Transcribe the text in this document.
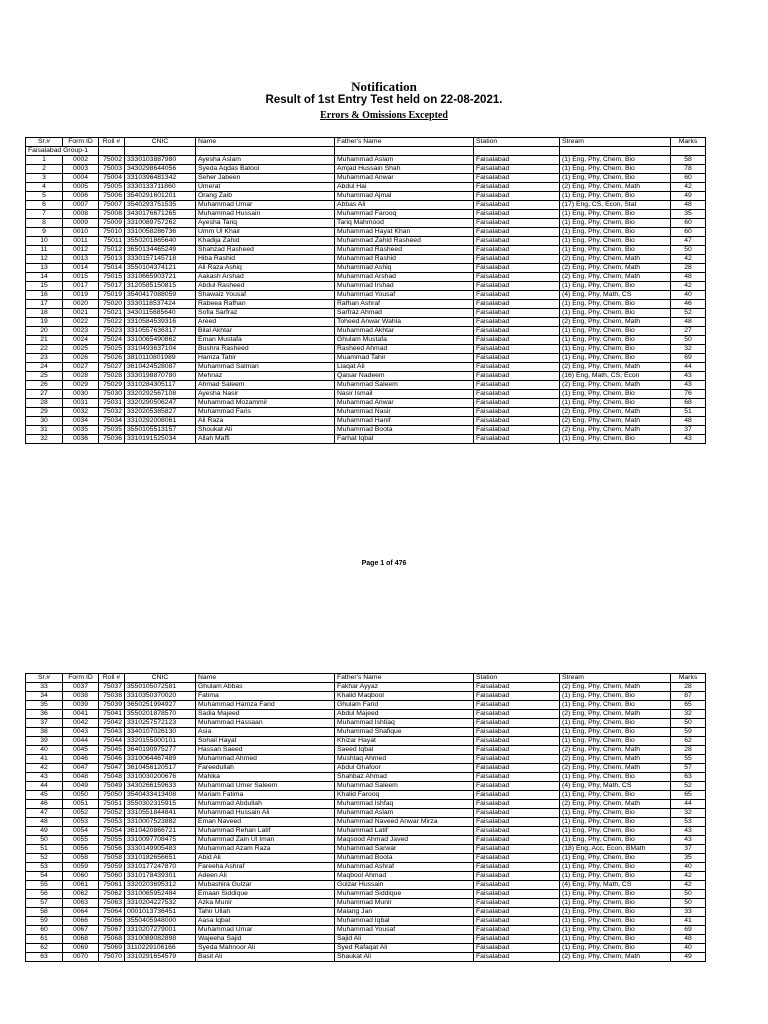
Notification
Result of 1st Entry Test held on 22-08-2021.
Errors & Omissions Excepted
Sr.#	Form ID	Roll #	CNIC	Name	Father's Name	Station	Stream	Marks
Faisalabad Group-1								
1	0002	75002	3330103887980	Ayesha Aslam	Muhammad Aslam	Faisalabad	(1) Eng, Phy, Chem, Bio	58
2	0003	75003	3430298644056	Syeda Aqdas Batool	Amjad Hussain Shah	Faisalabad	(1) Eng, Phy, Chem, Bio	78
3	0004	75004	3310396481342	Seher Jabeen	Muhammad Anwar	Faisalabad	(1) Eng, Phy, Chem, Bio	60
4	0005	75005	3330133711860	Umerat	Abdul Hai	Faisalabad	(2) Eng, Phy, Chem, Math	42
5	0006	75006	3540291601201	Orang Zaib	Muhammad Ajmal	Faisalabad	(1) Eng, Phy, Chem, Bio	49
6	0007	75007	3540293751535	Muhammad Umar	Abbas Ali	Faisalabad	(17) Eng, CS, Econ, Stat	48
7	0008	75008	3430176671265	Muhammad Hussain	Muhammad Farooq	Faisalabad	(1) Eng, Phy, Chem, Bio	35
8	0009	75009	3310089757262	Ayesha Tariq	Tariq Mahmood	Faisalabad	(1) Eng, Phy, Chem, Bio	60
9	0010	75010	3310058286736	Umm Ul Khair	Muhammad Hayat Khan	Faisalabad	(1) Eng, Phy, Chem, Bio	60
10	0011	75011	3550201865640	Khadija Zahid	Muhammad Zahid Rasheed	Faisalabad	(1) Eng, Phy, Chem, Bio	47
11	0012	75012	3650134465249	Shahzad Rasheed	Muhammad Rasheed	Faisalabad	(1) Eng, Phy, Chem, Bio	50
12	0013	75013	3330157145718	Hiba Rashid	Muhammad Rashid	Faisalabad	(2) Eng, Phy, Chem, Math	42
13	0014	75014	3550104374121	Ali Raza Ashiq	Muhammad Ashiq	Faisalabad	(2) Eng, Phy, Chem, Math	28
14	0015	75015	3310665903721	Aakash Arshad	Muhammad Arshad	Faisalabad	(2) Eng, Phy, Chem, Math	48
15	0017	75017	3120585150815	Abdul Rasheed	Muhammad Irshad	Faisalabad	(1) Eng, Phy, Chem, Bio	42
16	0019	75019	3540417088059	Shawaiz Yousaf	Muhammad Yousaf	Faisalabad	(4) Eng, Phy, Math, CS	40
17	0020	75020	3330118537424	Rabeea Rafhan	Rafhan Ashraf	Faisalabad	(1) Eng, Phy, Chem, Bio	46
18	0021	75021	3430115685640	Sofia Sarfraz	Sarfraz Ahmad	Faisalabad	(1) Eng, Phy, Chem, Bio	52
19	0022	75022	3310584539316	Areed	Toheed Anwar Wahla	Faisalabad	(2) Eng, Phy, Chem, Math	48
20	0023	75023	3310557636317	Bilal Akhtar	Muhammad Akhtar	Faisalabad	(1) Eng, Phy, Chem, Bio	27
21	0024	75024	3310065490862	Eman Mustafa	Ghulam Mustafa	Faisalabad	(1) Eng, Phy, Chem, Bio	50
22	0025	75025	3310493637104	Bushra Rasheed	Rasheed Ahmad	Faisalabad	(1) Eng, Phy, Chem, Bio	32
23	0026	75026	3810110801989	Hamza Tahir	Muammad Tahir	Faisalabad	(1) Eng, Phy, Chem, Bio	69
24	0027	75027	3610424528087	Muhammad Salman	Liaqat Ali	Faisalabad	(2) Eng, Phy, Chem, Math	44
25	0028	75028	3330198870780	Mehnaz	Qaisar Nadeem	Faisalabad	(16) Eng, Math, CS, Econ	43
26	0029	75029	3310284305117	Ahmad Saleem	Muhammad Saleem	Faisalabad	(2) Eng, Phy, Chem, Math	43
27	0030	75030	3320292567108	Ayesha Nasir	Nasir Ismail	Faisalabad	(1) Eng, Phy, Chem, Bio	76
28	0031	75031	3320290506247	Muhammad Mozammil	Muhammad Anwar	Faisalabad	(1) Eng, Phy, Chem, Bio	68
29	0032	75032	3320205385827	Muhammad Faris	Muhammad Nasir	Faisalabad	(2) Eng, Phy, Chem, Math	51
30	0034	75034	3310292008061	Ali Raza	Muhammad Hanif	Faisalabad	(2) Eng, Phy, Chem, Math	48
31	0035	75035	3550105513157	Shoukat Ali	Muhammad Boota	Faisalabad	(2) Eng, Phy, Chem, Math	37
32	0036	75036	3310191525034	Allah Maffi	Farhat Iqbal	Faisalabad	(1) Eng, Phy, Chem, Bio	43
Page 1 of 476
Sr.#	Form ID	Roll #	CNIC	Name	Father's Name	Station	Stream	Marks
33	0037	75037	3550105072581	Ghulam Abbas	Fakhar Ayyaz	Faisalabad	(2) Eng, Phy, Chem, Math	28
34	0038	75038	3310350370020	Fatima	Khalid Maqbool	Faisalabad	(1) Eng, Phy, Chem, Bio	87
35	0039	75039	3650251994927	Muhammad Hamza Farid	Ghulam Farid	Faisalabad	(1) Eng, Phy, Chem, Bio	65
36	0041	75041	3550201878570	Sadia Majeed	Abdul Majeed	Faisalabad	(2) Eng, Phy, Chem, Math	32
37	0042	75042	3310257572123	Muhammad Hassaan	Muhammad Ishtiaq	Faisalabad	(1) Eng, Phy, Chem, Bio	50
38	0043	75043	3340107026130	Asia	Muhammad Shafique	Faisalabad	(1) Eng, Phy, Chem, Bio	59
39	0044	75044	3320155000101	Sohail Hayat	Khizar Hayat	Faisalabad	(1) Eng, Phy, Chem, Bio	62
40	0045	75045	3640190975277	Hassan Saeed	Saeed Iqbal	Faisalabad	(2) Eng, Phy, Chem, Math	28
41	0046	75046	3310064467489	Muhammad Ahmed	Mushtaq Ahmed	Faisalabad	(2) Eng, Phy, Chem, Math	55
42	0047	75047	3610456120517	Fareedullah	Abdul Ghafoor	Faisalabad	(2) Eng, Phy, Chem, Math	57
43	0048	75048	3310030200676	Mahika	Shahbaz Ahmad	Faisalabad	(1) Eng, Phy, Chem, Bio	63
44	0049	75049	3430266159633	Muhammad Umer Saleem	Muhammad Saleem	Faisalabad	(4) Eng, Phy, Math, CS	52
45	0050	75050	3540433413408	Mariam Fatima	Khalid Farooq	Faisalabad	(1) Eng, Phy, Chem, Bio	65
46	0051	75051	3550302315915	Muhammad Abdullah	Muhammad Ishfaq	Faisalabad	(2) Eng, Phy, Chem, Math	44
47	0052	75052	3310551844841	Muhammad Hussain Ali	Muhammad Aslam	Faisalabad	(1) Eng, Phy, Chem, Bio	32
48	0053	75053	3310007523882	Eman Naveed	Muhammad Naveed Anwar Mirza	Faisalabad	(1) Eng, Phy, Chem, Bio	53
49	0054	75054	3610420866721	Muhammad Rehan Latif	Muhammad Latif	Faisalabad	(1) Eng, Phy, Chem, Bio	43
50	0055	75055	3310097708475	Muhammad Zain Ul Iman	Maqsood Ahmad Javed	Faisalabad	(1) Eng, Phy, Chem, Bio	43
51	0056	75056	3330149905483	Muhammad Azam Raza	Muhammad Sarwar	Faisalabad	(18) Eng, Acc, Econ, BMath	37
52	0058	75058	3310182656651	Abid Ali	Muhammad Boota	Faisalabad	(1) Eng, Phy, Chem, Bio	35
53	0059	75059	3310177247870	Fareeha Ashraf	Muhammad Ashraf	Faisalabad	(1) Eng, Phy, Chem, Bio	40
54	0060	75060	3310178439301	Adeen Ali	Maqbool Ahmad	Faisalabad	(1) Eng, Phy, Chem, Bio	42
55	0061	75061	3320203695312	Mubashira Gulzar	Gulzar Hussain	Faisalabad	(4) Eng, Phy, Math, CS	42
56	0062	75062	3310065952484	Emaan Siddique	Muhammad Siddique	Faisalabad	(1) Eng, Phy, Chem, Bio	50
57	0063	75063	3310204227532	Azka Munir	Muhammad Munir	Faisalabad	(1) Eng, Phy, Chem, Bio	50
58	0064	75064	0001013736451	Tahir Ullah	Malang Jan	Faisalabad	(1) Eng, Phy, Chem, Bio	33
59	0066	75066	3550405948000	Aasa Iqbal	Muhammad Iqbal	Faisalabad	(1) Eng, Phy, Chem, Bio	41
60	0067	75067	3310207279001	Muhammad Umar	Muhammad Yousaf	Faisalabad	(1) Eng, Phy, Chem, Bio	69
61	0068	75068	3310089082898	Wajeeha Sajid	Sajid Ali	Faisalabad	(1) Eng, Phy, Chem, Bio	48
62	0069	75069	3110229106166	Syeda Mahnoor Ali	Syed Rafaqat Ali	Faisalabad	(1) Eng, Phy, Chem, Bio	40
63	0070	75070	3310291654579	Basit Ali	Shaukat Ali	Faisalabad	(2) Eng, Phy, Chem, Math	49
